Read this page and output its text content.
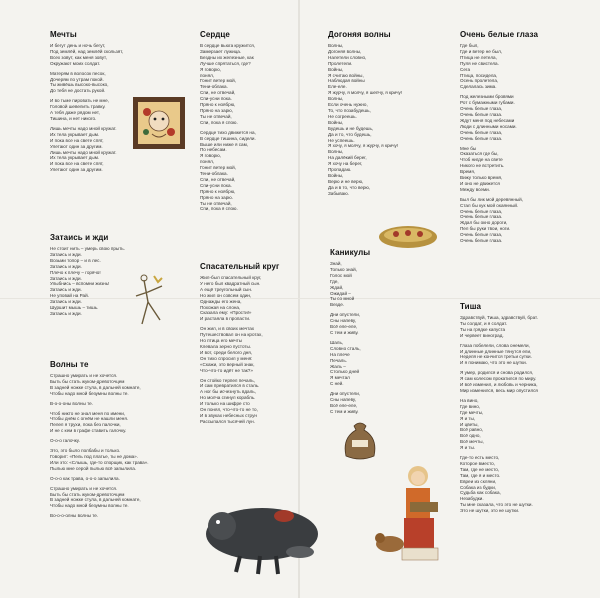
Мечты
И бегут день и ночь бегут,
Под землёй, над землёй скользят,
Всех зовут, как меня зовут,
Окружают моих солдат.
Матерям в волосок песок,
Дочерям по утрам покой.
Ты живёшь высоко-высоко,
До тебя не достать рукой.
И во тьме пировать не мне,
Головой шевелить травку.
А тебя даже рядом нет,
Тишина, и нет никого.
Лишь мечты надо мной кружат.
Их тела укрывает дым.
И пока все на свете спят,
Улетают один за другим.
Лишь мечты надо мной кружат.
Их тела укрывает дым.
И пока все на свете спят,
Улетают один за другим.
Затаись и жди
Не стоит нить – умерь свою прыть.
Затаись и жди.
Возьми топор – и в лес.
Затаись и жди.
Плечо к плечу – горячо!
Затаись и жди.
Улыбнись – вспомни жизнь!
Затаись и жди.
Не уповай на Рай.
Затаись и жди.
Шуршит мышь – тишь.
Затаись и жди.
Волны те
Страшно умирать и не хочется.
Быть бы стать жуком-древоточцем
В задней ножке стула, в дальней комнате,
Чтобы надо мной безумны волны те.
В-о-о-оны волны те.
Чтоб никто не знал меня по имени,
Чтобы днём с огнём не нашли меня.
Пелел я трухи, пока без палочки,
И не с кем в графе ставить галочку.
О-о-о галочку.
Это, это было полбабы и только.
Говорит: «Пель под платье, ты не дома».
Или это: «Слышь, где-то спорщик, как трава».
Пылью мне серой пылью всё запылила.
О-о-о как трава, о-о-о запылила.
Страшно умирать и не хочется.
Быть бы стать жуком-древоточцем
В задней ножке стула, в дальней комнате,
Чтобы надо мной безумны волны те.
Во-о-о-олны волны те.
Сердце
В сердце вьюга кружится,
Замерзает лужица.
Бездны их железные, как
Лучше спрятаться, где?
Я говорю,
понял,
Гонит ветер мой,
Тени-облака.
Спи, не отвечай,
Спи-усни пока.
Пряно к ноябрю,
Пряно на зарю,
Ты не отвечай,
Спи, пока я спою.
Сердце тихо движется на,
В сердце тишина, сидели.
Выше или ниже я сам,
По небесам.
Я говорю,
понял,
Гонит ветер мой,
Тени-облака.
Спи, не отвечай,
Спи-усни пока.
Пряно к ноябрю,
Пряно на зарю.
Ты не отвечай,
Спи, пока я спою.
Спасательный круг
Жил-был спасательный круг,
У него был квадратный сын.
А ещё треугольный сын.
Но жил он совсем один,
Однажды его жена,
Похожая на слона,
Сказала ему: «Прости!»
И растаяла в пропасти.
Он жил, и в своих мечтах
Путешествовал он на кротах,
Но птица его мечты
Клевала зерно пустоты.
И вот, среди белого дня,
Он тихо спросил у меня:
«Скажи, это верный знак,
Что-что-то идёт не так?»
Он стойко терпел печаль,
И сам превратился в сталь.
А ног бы исчезнуть вдаль,
Но молча сгинул корабль.
И только на шифре сто
Он понял, что-что-то не то,
И в звуках небесных струн
Рассыпался тысячей лун.
Догоняя волны
Волны,
Догоняя волны,
Налетели словно,
Пролетели.
Войны,
Я считаю войны,
Наблюдая войны
Еле-еле.
Я журчу, я молчу, я шепчу, я кричу!
Волны,
Если очень нужно,
То, что позабудешь,
Не согреешь.
Войны,
Будешь и не будешь,
Да и то, что будешь,
Не успеешь.
Я хочу, я молчу, я журчу, я кричу!
Волны,
На далёкий берег,
Я хочу на берег,
Пропадаю.
Войны,
Верю и не верю,
Да и в то, что верю,
Забываю.
Каникулы
Знай,
Только знай,
Голос мой
Где,
Ждай,
Ожидай –
Ты со мной
Везде.
Дни опустели,
Сны напеву,
Всё еле-еле,
С тем и живу.
Шаль,
Словно сталь,
На плече
Печаль.
Жаль –
Столько дней
Я мечтал
С ней.
Дни опустели,
Сны напеву,
Всё еле-еле,
С тем и живу.
Очень белые глаза
Где был,
Где и ветер не был,
Птица не летела,
Пуля не свистела.
Сега
Птица, посидела,
Осень пролетела,
Сделалась зима.
Под железными бровями
Рот с бумажными губами.
Очень белые глаза,
Очень белые глаза.
Ждут меня под небесами
Люди с длинными носами.
Очень белые глаза,
Очень белые глаза.
Мне бы
Оказаться где бы,
Чтоб нигде на свете
Никого не встретить.
Время,
Вижу только время,
И оно не движется
Между всеми.
Был бы лик мой деревянный,
Стал бы кук мой окаянный.
Очень белые глаза,
Очень белые глаза.
Ждал бы окно дороги,
Пел бы руки твои, ноги.
Очень белые глаза,
Очень белые глаза.
Тиша
Здравствуй, Тиша, здравствуй, брат.
Ты солдат, и я солдат.
Ты на грядке капуста
И червеет виноград.
Глаза побелели, слова онемели,
И длинные длинные тянутся ели,
Неделя не кончится третьи сутки.
И я понимаю, что это не шутки.
Я умер, родился и снова родился,
Я сам колесом прокатился по миру.
И всё изменил, и любовь и черника,
Мир изменился, весь мир опустился
На вино,
Где вино,
Где мечты,
Я и ты,
И цветы,
Всё равно,
Всё одно,
Всё мечты,
Я и ты.
Где-то есть место,
Которое вместо,
Там, где не место,
Там, где я и место.
Евреи из скляни,
Собака из будки,
Судьба как собака,
Незабудки.
Ты мне сказала, что это не шутки.
Это не шутки, это не шутки.
